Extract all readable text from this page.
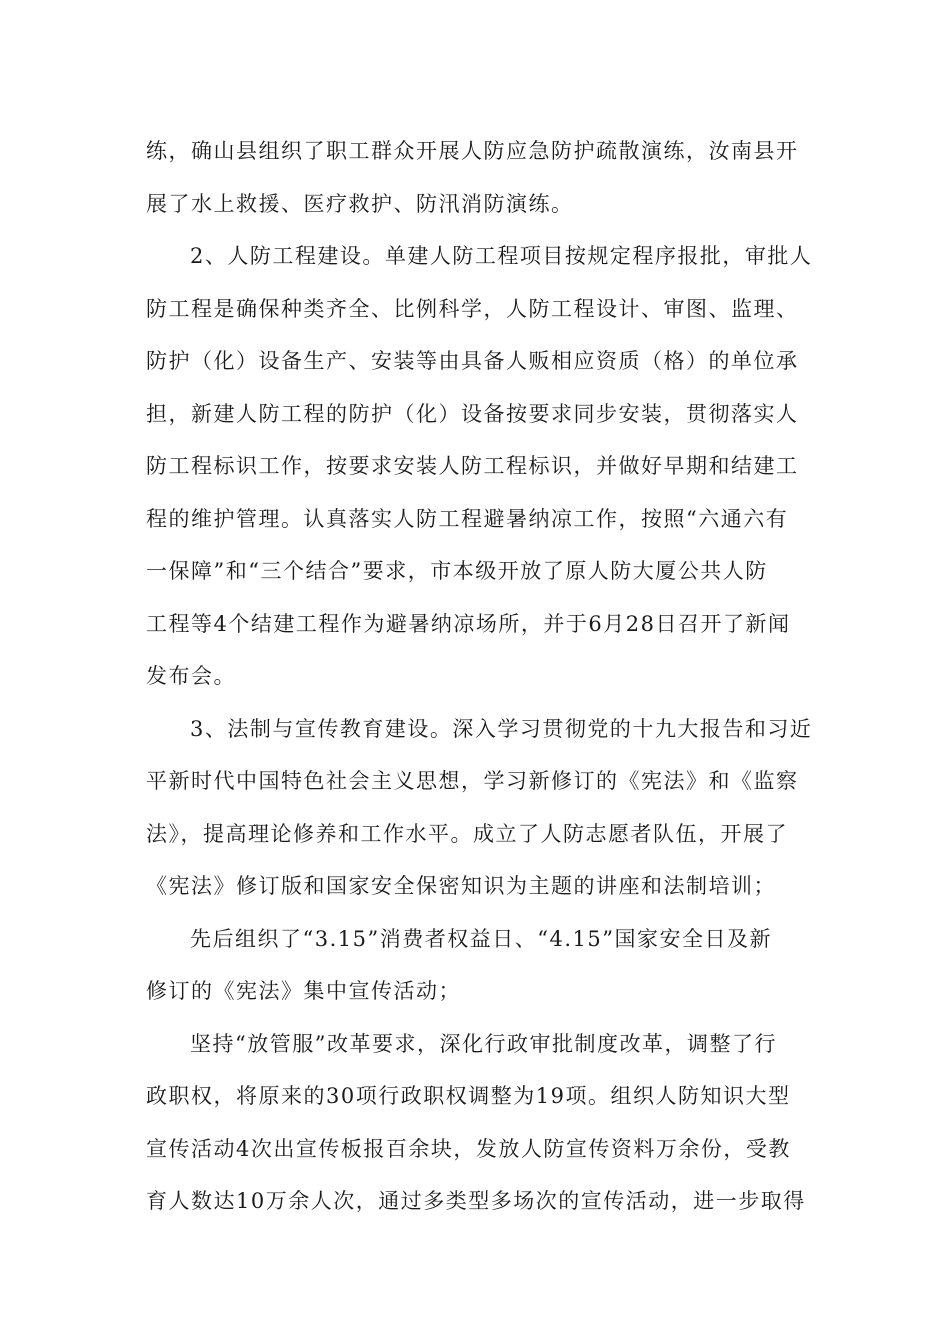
练，确山县组织了职工群众开展人防应急防护疏散演练，汝南县开
展了水上救援、医疗救护、防汛消防演练。
2、人防工程建设。单建人防工程项目按规定程序报批，审批人
防工程是确保种类齐全、比例科学，人防工程设计、审图、监理、
防护（化）设备生产、安装等由具备人贩相应资质（格）的单位承
担，新建人防工程的防护（化）设备按要求同步安装，贯彻落实人
防工程标识工作，按要求安装人防工程标识，并做好早期和结建工
程的维护管理。认真落实人防工程避暑纳凉工作，按照“六通六有
一保障”和“三个结合”要求，市本级开放了原人防大厦公共人防
工程等4个结建工程作为避暑纳凉场所，并于6月28日召开了新闻
发布会。
3、法制与宣传教育建设。深入学习贯彻党的十九大报告和习近
平新时代中国特色社会主义思想，学习新修订的《宪法》和《监察
法》，提高理论修养和工作水平。成立了人防志愿者队伍，开展了
《宪法》修订版和国家安全保密知识为主题的讲座和法制培训；
先后组织了“3.15”消费者权益日、“4.15”国家安全日及新
修订的《宪法》集中宣传活动；
坚持“放管服”改革要求，深化行政审批制度改革，调整了行
政职权，将原来的30项行政职权调整为19项。组织人防知识大型
宣传活动4次出宣传板报百余块，发放人防宣传资料万余份，受教
育人数达10万余人次，通过多类型多场次的宣传活动，进一步取得
